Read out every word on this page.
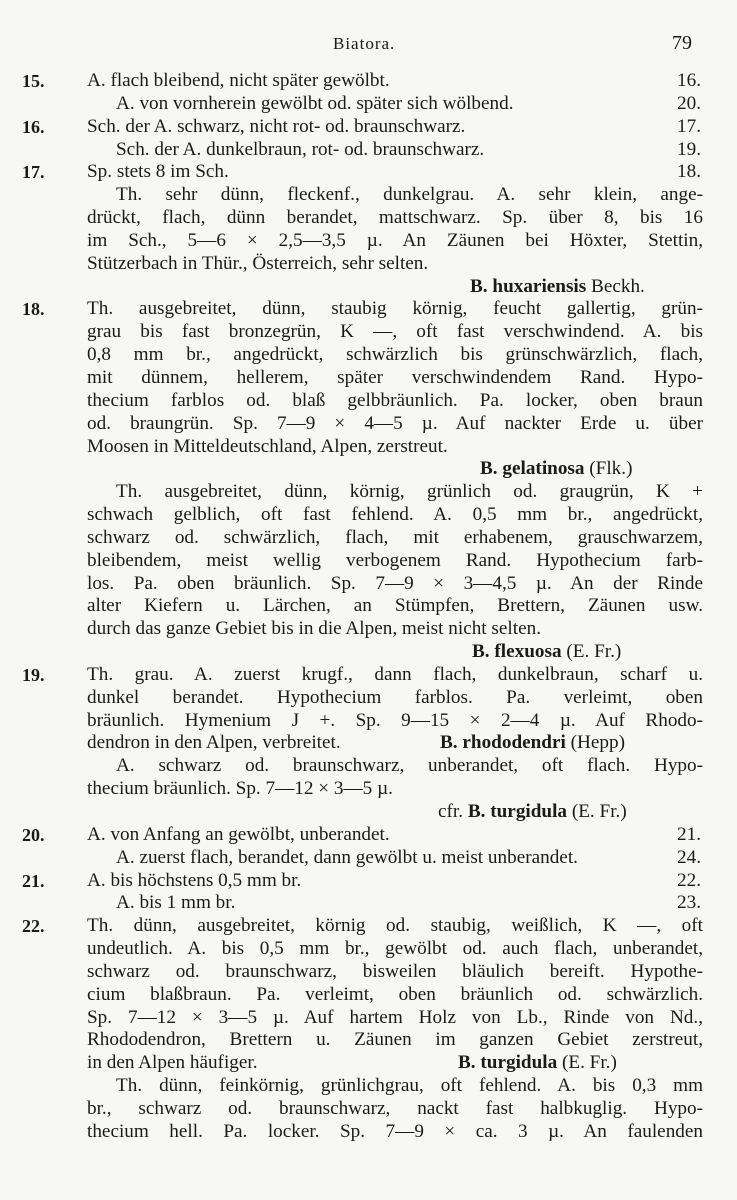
Biatora.	79
15. A. flach bleibend, nicht später gewölbt.	16.
A. von vornherein gewölbt od. später sich wölbend.	20.
16. Sch. der A. schwarz, nicht rot- od. braunschwarz.	17.
Sch. der A. dunkelbraun, rot- od. braunschwarz.	19.
17. Sp. stets 8 im Sch.	18.
Th. sehr dünn, fleckenf., dunkelgrau. A. sehr klein, ange-
drückt, flach, dünn berandet, mattschwarz. Sp. über 8, bis 16
im Sch., 5—6 × 2,5—3,5 µ. An Zäunen bei Höxter, Stettin,
Stützerbach in Thür., Österreich, sehr selten.
B. huxariensis Beckh.
18. Th. ausgebreitet, dünn, staubig körnig, feucht gallertig, grün-
grau bis fast bronzegrün, K —, oft fast verschwindend. A. bis
0,8 mm br., angedrückt, schwärzlich bis grünschwärzlich, flach,
mit dünnem, hellerem, später verschwindendem Rand. Hypo-
thecium farblos od. blaß gelbbräunlich. Pa. locker, oben braun
od. braungrün. Sp. 7—9 × 4—5 µ. Auf nackter Erde u. über
Moosen in Mitteldeutschland, Alpen, zerstreut.
B. gelatinosa (Flk.)
Th. ausgebreitet, dünn, körnig, grünlich od. graugrün, K +
schwach gelblich, oft fast fehlend. A. 0,5 mm br., angedrückt,
schwarz od. schwärzlich, flach, mit erhabenem, grauschwarzem,
bleibendem, meist wellig verbogenem Rand. Hypothecium farb-
los. Pa. oben bräunlich. Sp. 7—9 × 3—4,5 µ. An der Rinde
alter Kiefern u. Lärchen, an Stümpfen, Brettern, Zäunen usw.
durch das ganze Gebiet bis in die Alpen, meist nicht selten.
B. flexuosa (E. Fr.)
19. Th. grau. A. zuerst krugf., dann flach, dunkelbraun, scharf u.
dunkel berandet. Hypothecium farblos. Pa. verleimt, oben
bräunlich. Hymenium J +. Sp. 9—15 × 2—4 µ. Auf Rhodo-
dendron in den Alpen, verbreitet.	B. rhododendri (Hepp)
A. schwarz od. braunschwarz, unberandet, oft flach. Hypo-
thecium bräunlich. Sp. 7—12 × 3—5 µ.
cfr. B. turgidula (E. Fr.)
20. A. von Anfang an gewölbt, unberandet.	21.
A. zuerst flach, berandet, dann gewölbt u. meist unberandet.	24.
21. A. bis höchstens 0,5 mm br.	22.
A. bis 1 mm br.	23.
22. Th. dünn, ausgebreitet, körnig od. staubig, weißlich, K —, oft
undeutlich. A. bis 0,5 mm br., gewölbt od. auch flach, unberandet,
schwarz od. braunschwarz, bisweilen bläulich bereift. Hypothe-
cium blaßbraun. Pa. verleimt, oben bräunlich od. schwärzlich.
Sp. 7—12 × 3—5 µ. Auf hartem Holz von Lb., Rinde von Nd.,
Rhododendron, Brettern u. Zäunen im ganzen Gebiet zerstreut,
in den Alpen häufiger.	B. turgidula (E. Fr.)
Th. dünn, feinkörnig, grünlichgrau, oft fehlend. A. bis 0,3 mm
br., schwarz od. braunschwarz, nackt fast halbkuglig. Hypo-
thecium hell. Pa. locker. Sp. 7—9 × ca. 3 µ. An faulenden
